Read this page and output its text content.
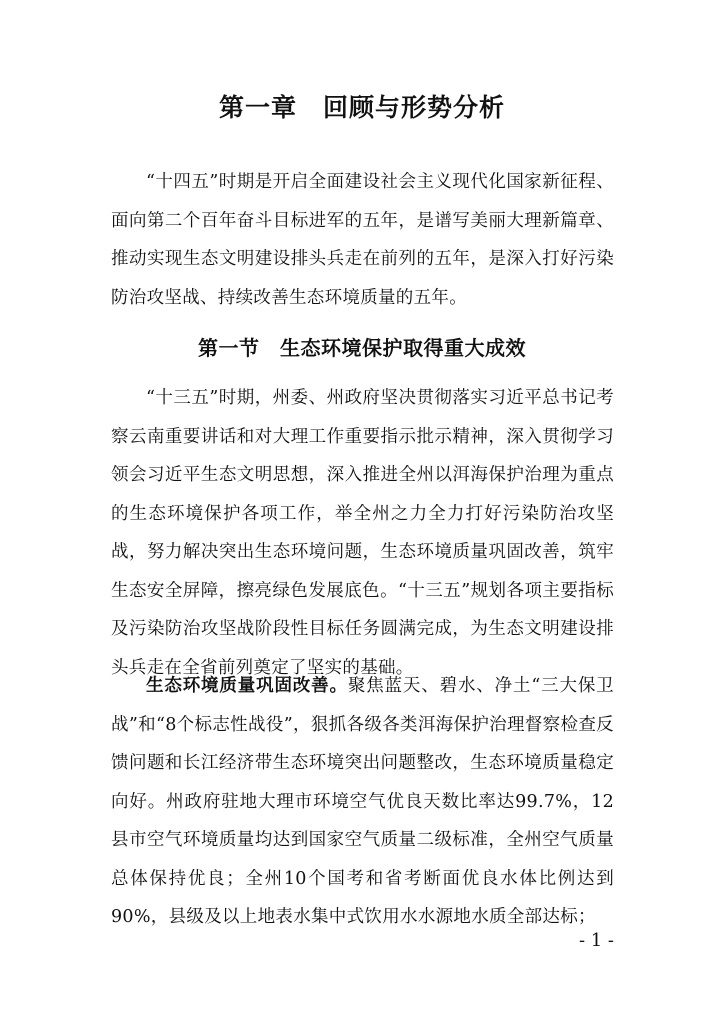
第一章　回顾与形势分析

“十四五”时期是开启全面建设社会主义现代化国家新征程、面向第二个百年奋斗目标进军的五年，是谱写美丽大理新篇章、推动实现生态文明建设排头兵走在前列的五年，是深入打好污染防治攻坚战、持续改善生态环境质量的五年。

第一节　生态环境保护取得重大成效

“十三五”时期，州委、州政府坚决贯彻落实习近平总书记考察云南重要讲话和对大理工作重要指示批示精神，深入贯彻学习领会习近平生态文明思想，深入推进全州以洱海保护治理为重点的生态环境保护各项工作，举全州之力全力打好污染防治攻坚战，努力解决突出生态环境问题，生态环境质量巩固改善，筑牢生态安全屏障，擦亮绿色发展底色。“十三五”规划各项主要指标及污染防治攻坚战阶段性目标任务圆满完成，为生态文明建设排头兵走在全省前列奠定了坚实的基础。

生态环境质量巩固改善。聚焦蓝天、碧水、净土“三大保卫战”和“8个标志性战役”，狠抓各级各类洱海保护治理督察检查反馈问题和长江经济带生态环境突出问题整改，生态环境质量稳定向好。州政府驻地大理市环境空气优良天数比率达99.7%，12县市空气环境质量均达到国家空气质量二级标准，全州空气质量总体保持优良；全州10个国考和省考断面优良水体比例达到90%，县级及以上地表水集中式饮用水水源地水质全部达标；

- 1 -
